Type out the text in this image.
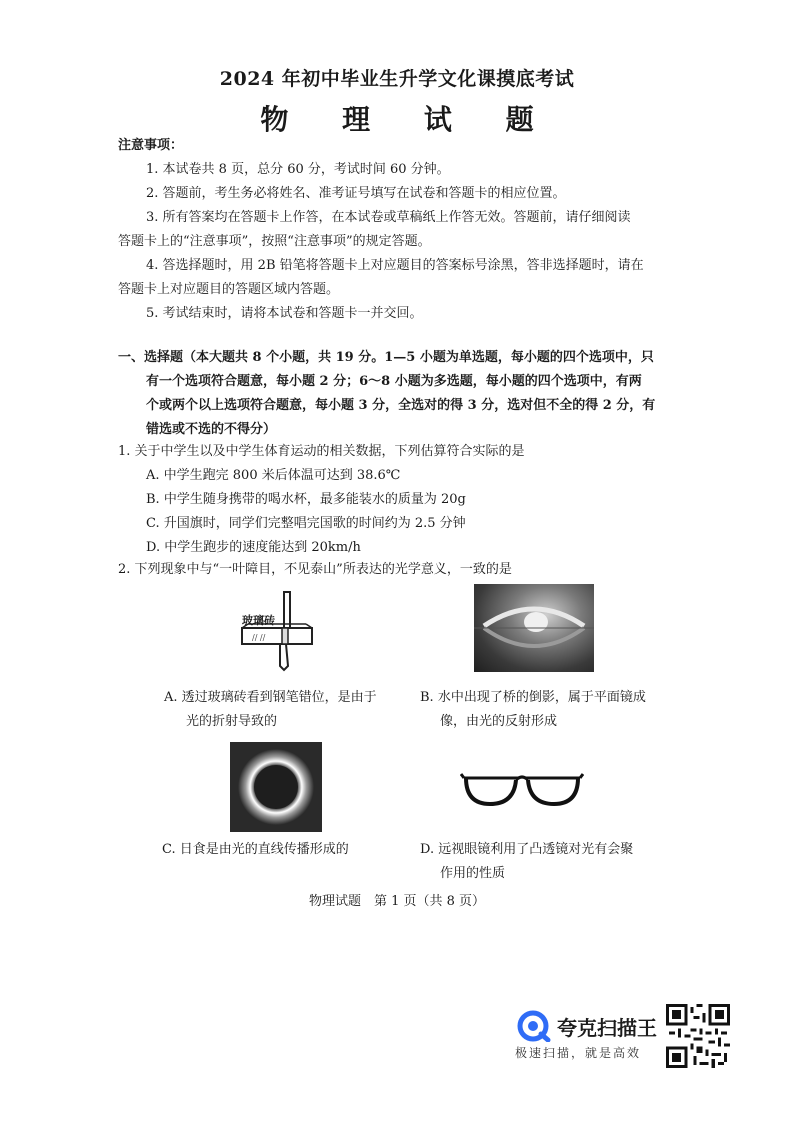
2024 年初中毕业生升学文化课摸底考试
物 理 试 题
注意事项：
1. 本试卷共 8 页，总分 60 分，考试时间 60 分钟。
2. 答题前，考生务必将姓名、准考证号填写在试卷和答题卡的相应位置。
3. 所有答案均在答题卡上作答，在本试卷或草稿纸上作答无效。答题前，请仔细阅读
答题卡上的“注意事项”，按照“注意事项”的规定答题。
4. 答选择题时，用 2B 铅笔将答题卡上对应题目的答案标号涂黑，答非选择题时，请在
答题卡上对应题目的答题区域内答题。
5. 考试结束时，请将本试卷和答题卡一并交回。
一、选择题（本大题共 8 个小题，共 19 分。1—5 小题为单选题，每小题的四个选项中，只
有一个选项符合题意，每小题 2 分；6～8 小题为多选题，每小题的四个选项中，有两
个或两个以上选项符合题意，每小题 3 分，全选对的得 3 分，选对但不全的得 2 分，有
错选或不选的不得分）
1. 关于中学生以及中学生体育运动的相关数据，下列估算符合实际的是
A. 中学生跑完 800 米后体温可达到 38.6℃
B. 中学生随身携带的喝水杯，最多能装水的质量为 20g
C. 升国旗时，同学们完整唱完国歌的时间约为 2.5 分钟
D. 中学生跑步的速度能达到 20km/h
2. 下列现象中与“一叶障目，不见泰山”所表达的光学意义，一致的是
// //
玻璃砖
A. 透过玻璃砖看到钢笔错位，是由于
光的折射导致的
B. 水中出现了桥的倒影，属于平面镜成
像，由光的反射形成
C. 日食是由光的直线传播形成的	D. 远视眼镜利用了凸透镜对光有会聚
作用的性质
物理试题　第 1 页（共 8 页）
夸克扫描王
极速扫描，就是高效
